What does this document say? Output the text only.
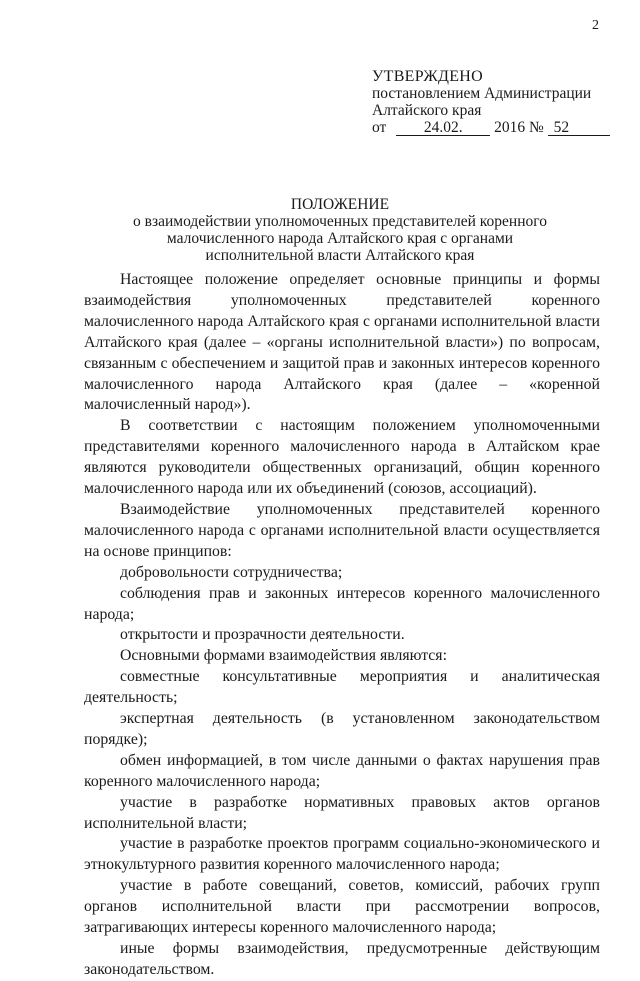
2
УТВЕРЖДЕНО
постановлением Администрации
Алтайского края
от 24.02. 2016 № 52
ПОЛОЖЕНИЕ
о взаимодействии уполномоченных представителей коренного
малочисленного народа Алтайского края с органами
исполнительной власти Алтайского края

Настоящее положение определяет основные принципы и формы взаимодействия уполномоченных представителей коренного малочисленного народа Алтайского края с органами исполнительной власти Алтайского края (далее – «органы исполнительной власти») по вопросам, связанным с обеспечением и защитой прав и законных интересов коренного малочисленного народа Алтайского края (далее – «коренной малочисленный народ»).

В соответствии с настоящим положением уполномоченными представителями коренного малочисленного народа в Алтайском крае являются руководители общественных организаций, общин коренного малочисленного народа или их объединений (союзов, ассоциаций).

Взаимодействие уполномоченных представителей коренного малочисленного народа с органами исполнительной власти осуществляется на основе принципов:

добровольности сотрудничества;

соблюдения прав и законных интересов коренного малочисленного народа;

открытости и прозрачности деятельности.

Основными формами взаимодействия являются:

совместные консультативные мероприятия и аналитическая деятельность;

экспертная деятельность (в установленном законодательством порядке);

обмен информацией, в том числе данными о фактах нарушения прав коренного малочисленного народа;

участие в разработке нормативных правовых актов органов исполнительной власти;

участие в разработке проектов программ социально-экономического и этнокультурного развития коренного малочисленного народа;

участие в работе совещаний, советов, комиссий, рабочих групп органов исполнительной власти при рассмотрении вопросов, затрагивающих интересы коренного малочисленного народа;

иные формы взаимодействия, предусмотренные действующим законодательством.
